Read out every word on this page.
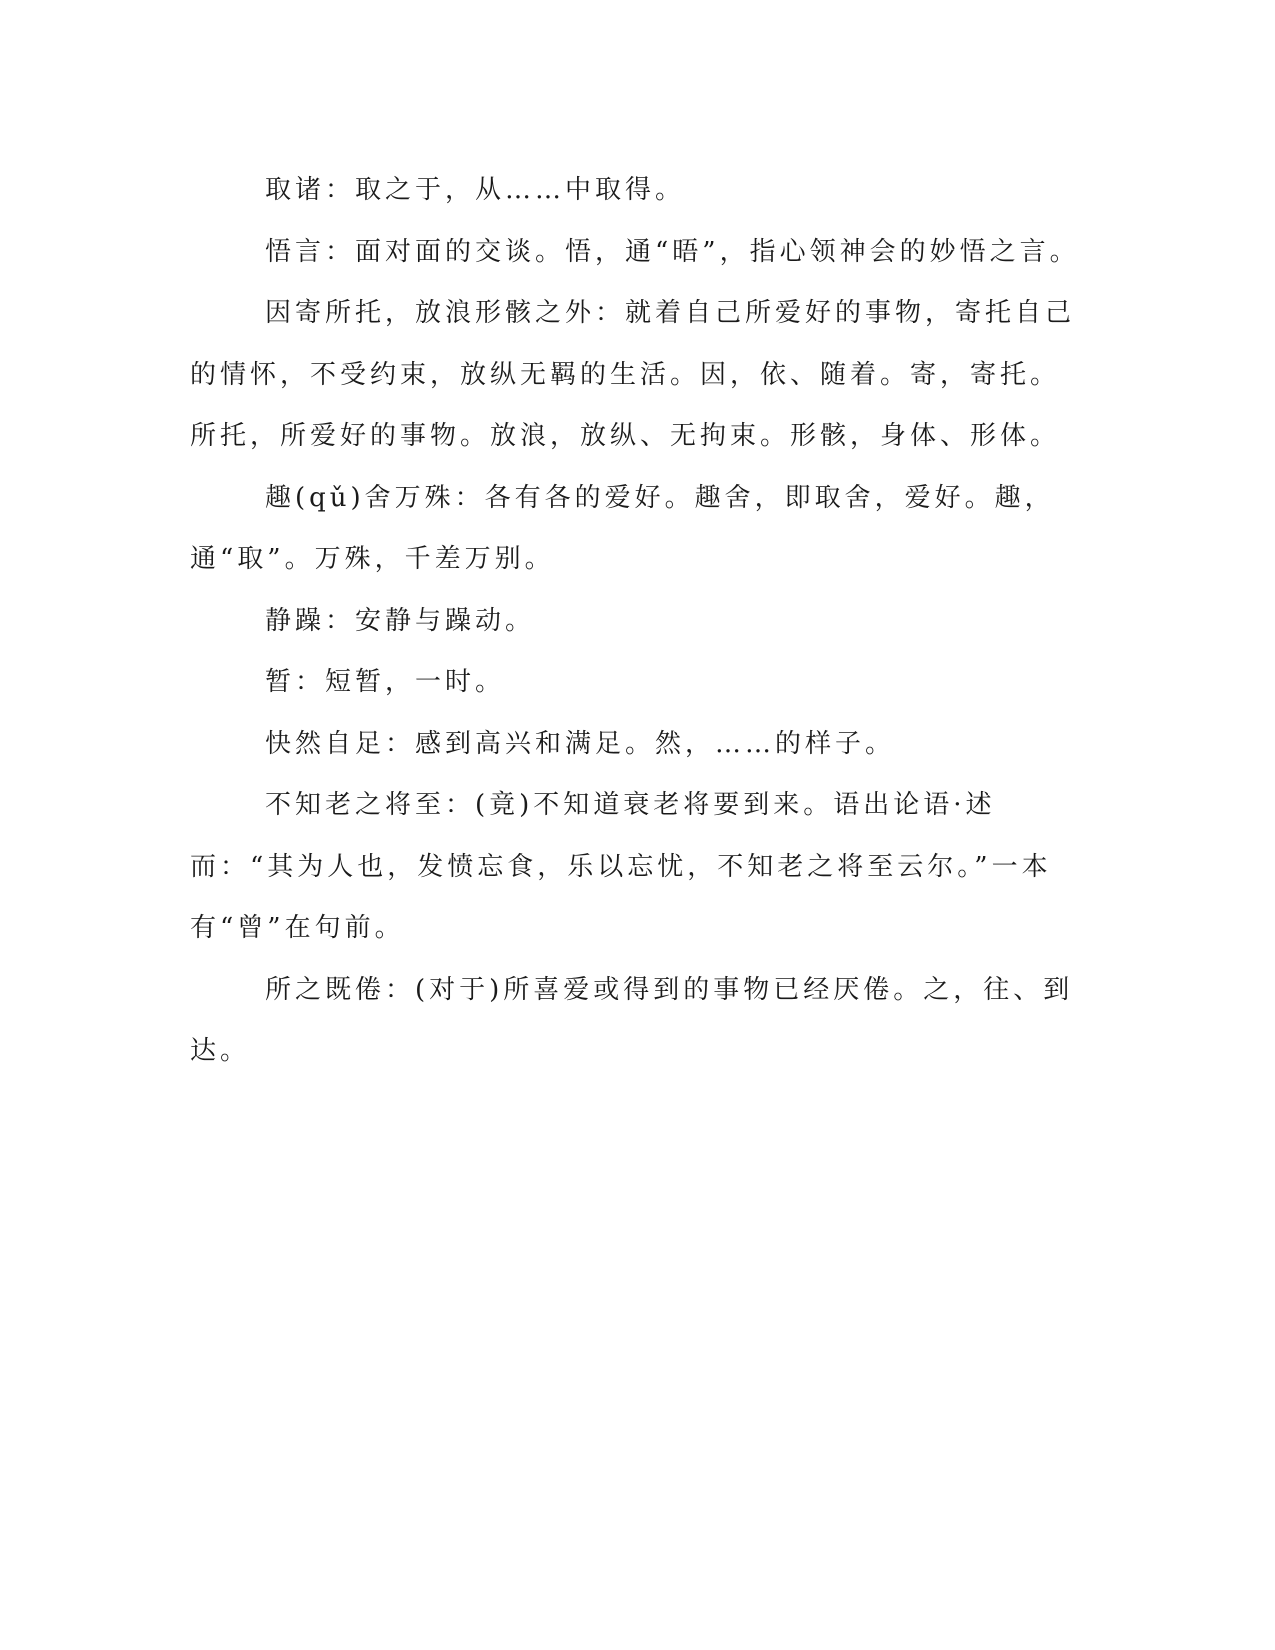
取诸：取之于，从……中取得。

悟言：面对面的交谈。悟，通“晤”，指心领神会的妙悟之言。

因寄所托，放浪形骸之外：就着自己所爱好的事物，寄托自己的情怀，不受约束，放纵无羁的生活。因，依、随着。寄，寄托。所托，所爱好的事物。放浪，放纵、无拘束。形骸，身体、形体。

趣(qǔ)舍万殊：各有各的爱好。趣舍，即取舍，爱好。趣，通“取”。万殊，千差万别。

静躁：安静与躁动。

暂：短暂，一时。

快然自足：感到高兴和满足。然，……的样子。

不知老之将至：(竟)不知道衰老将要到来。语出论语·述而：“其为人也，发愤忘食，乐以忘忧，不知老之将至云尔。”一本有“曾”在句前。

所之既倦：(对于)所喜爱或得到的事物已经厌倦。之，往、到达。
